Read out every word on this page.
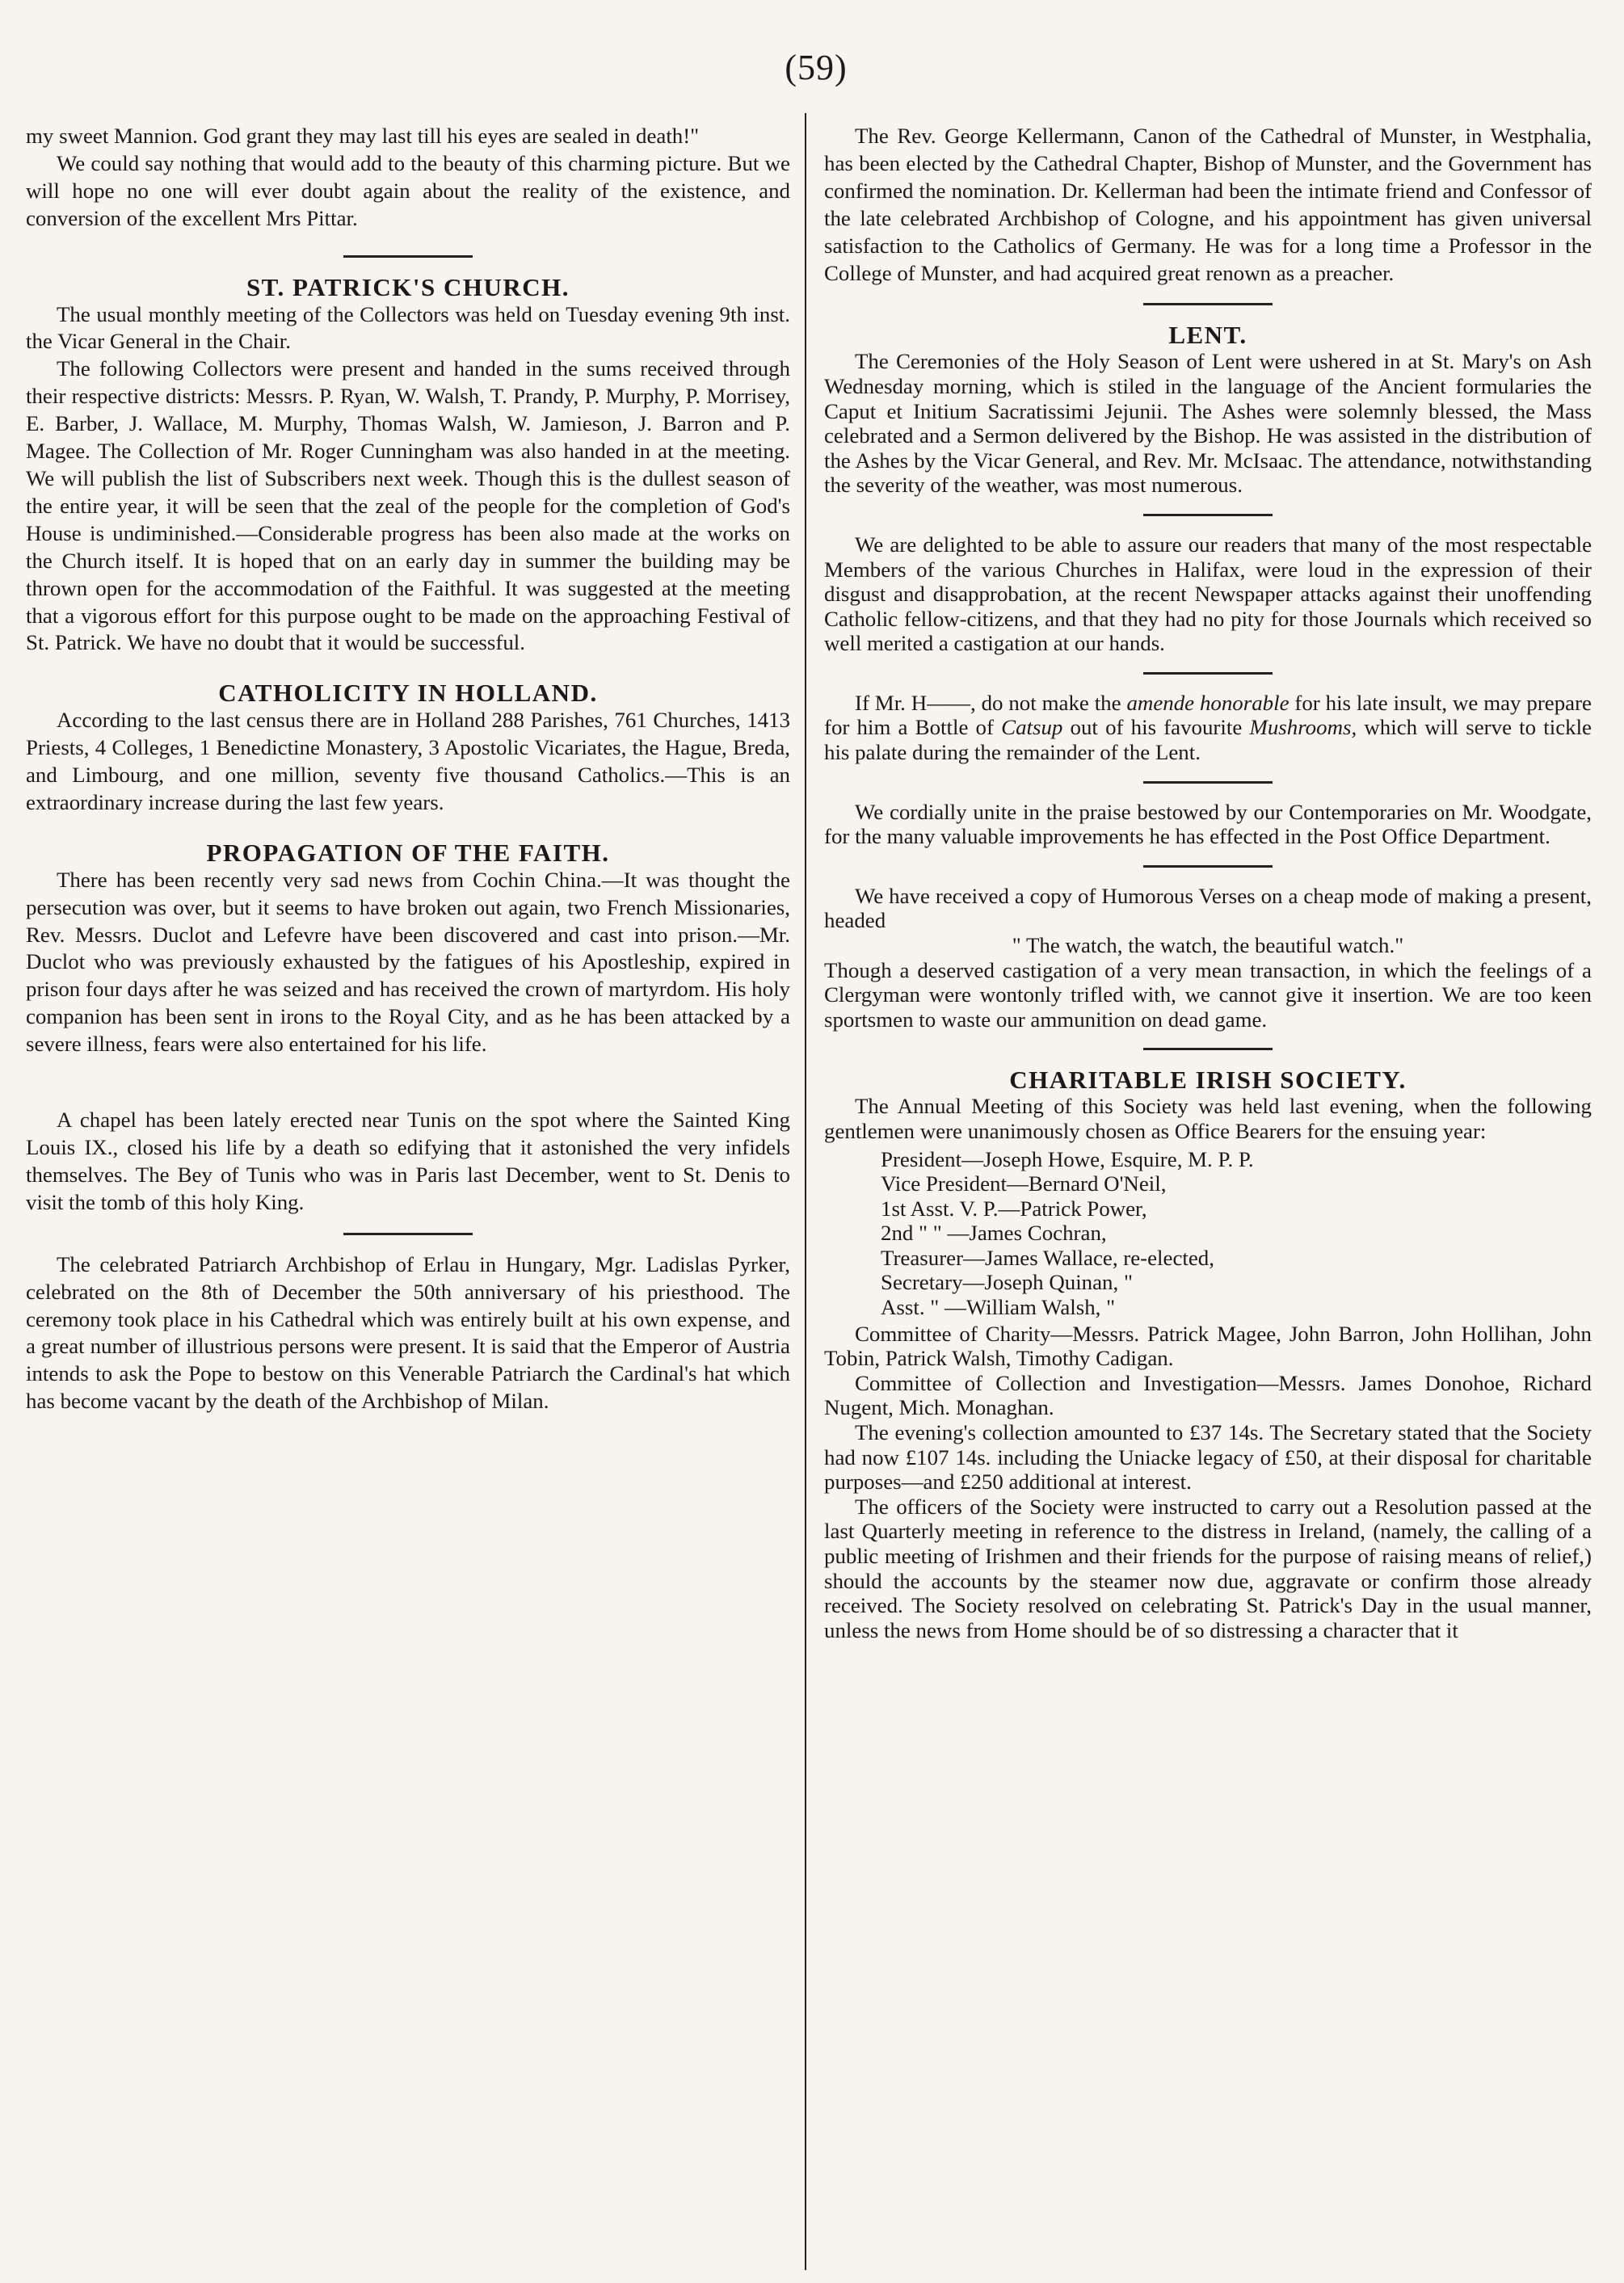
(59)

my sweet Mannion. God grant they may last till his eyes are sealed in death!"

We could say nothing that would add to the beauty of this charming picture. But we will hope no one will ever doubt again about the reality of the existence, and conversion of the excellent Mrs Pittar.

ST. PATRICK'S CHURCH.

The usual monthly meeting of the Collectors was held on Tuesday evening 9th inst. the Vicar General in the Chair.

The following Collectors were present and handed in the sums received through their respective districts: Messrs. P. Ryan, W. Walsh, T. Prandy, P. Murphy, P. Morrisey, E. Barber, J. Wallace, M. Murphy, Thomas Walsh, W. Jamieson, J. Barron and P. Magee. The Collection of Mr. Roger Cunningham was also handed in at the meeting. We will publish the list of Subscribers next week. Though this is the dullest season of the entire year, it will be seen that the zeal of the people for the completion of God's House is undiminished.—Considerable progress has been also made at the works on the Church itself. It is hoped that on an early day in summer the building may be thrown open for the accommodation of the Faithful. It was suggested at the meeting that a vigorous effort for this purpose ought to be made on the approaching Festival of St. Patrick. We have no doubt that it would be successful.

CATHOLICITY IN HOLLAND.

According to the last census there are in Holland 288 Parishes, 761 Churches, 1413 Priests, 4 Colleges, 1 Benedictine Monastery, 3 Apostolic Vicariates, the Hague, Breda, and Limbourg, and one million, seventy five thousand Catholics.—This is an extraordinary increase during the last few years.

PROPAGATION OF THE FAITH.

There has been recently very sad news from Cochin China.—It was thought the persecution was over, but it seems to have broken out again, two French Missionaries, Rev. Messrs. Duclot and Lefevre have been discovered and cast into prison.—Mr. Duclot who was previously exhausted by the fatigues of his Apostleship, expired in prison four days after he was seized and has received the crown of martyrdom. His holy companion has been sent in irons to the Royal City, and as he has been attacked by a severe illness, fears were also entertained for his life.

A chapel has been lately erected near Tunis on the spot where the Sainted King Louis IX., closed his life by a death so edifying that it astonished the very infidels themselves. The Bey of Tunis who was in Paris last December, went to St. Denis to visit the tomb of this holy King.

The celebrated Patriarch Archbishop of Erlau in Hungary, Mgr. Ladislas Pyrker, celebrated on the 8th of December the 50th anniversary of his priesthood. The ceremony took place in his Cathedral which was entirely built at his own expense, and a great number of illustrious persons were present. It is said that the Emperor of Austria intends to ask the Pope to bestow on this Venerable Patriarch the Cardinal's hat which has become vacant by the death of the Archbishop of Milan.

The Rev. George Kellermann, Canon of the Cathedral of Munster, in Westphalia, has been elected by the Cathedral Chapter, Bishop of Munster, and the Government has confirmed the nomination. Dr. Kellerman had been the intimate friend and Confessor of the late celebrated Archbishop of Cologne, and his appointment has given universal satisfaction to the Catholics of Germany. He was for a long time a Professor in the College of Munster, and had acquired great renown as a preacher.

LENT.

The Ceremonies of the Holy Season of Lent were ushered in at St. Mary's on Ash Wednesday morning, which is stiled in the language of the Ancient formularies the Caput et Initium Sacratissimi Jejunii. The Ashes were solemnly blessed, the Mass celebrated and a Sermon delivered by the Bishop. He was assisted in the distribution of the Ashes by the Vicar General, and Rev. Mr. McIsaac. The attendance, notwithstanding the severity of the weather, was most numerous.

We are delighted to be able to assure our readers that many of the most respectable Members of the various Churches in Halifax, were loud in the expression of their disgust and disapprobation, at the recent Newspaper attacks against their unoffending Catholic fellow-citizens, and that they had no pity for those Journals which received so well merited a castigation at our hands.

If Mr. H——, do not make the amende honorable for his late insult, we may prepare for him a Bottle of Catsup out of his favourite Mushrooms, which will serve to tickle his palate during the remainder of the Lent.

We cordially unite in the praise bestowed by our Contemporaries on Mr. Woodgate, for the many valuable improvements he has effected in the Post Office Department.

We have received a copy of Humorous Verses on a cheap mode of making a present, headed

" The watch, the watch, the beautiful watch."

Though a deserved castigation of a very mean transaction, in which the feelings of a Clergyman were wontonly trifled with, we cannot give it insertion. We are too keen sportsmen to waste our ammunition on dead game.

CHARITABLE IRISH SOCIETY.

The Annual Meeting of this Society was held last evening, when the following gentlemen were unanimously chosen as Office Bearers for the ensuing year:

President—Joseph Howe, Esquire, M. P. P.
Vice President—Bernard O'Neil,
1st Asst. V. P.—Patrick Power,
2nd " " —James Cochran,
Treasurer—James Wallace, re-elected,
Secretary—Joseph Quinan, "
Asst. " —William Walsh, "

Committee of Charity—Messrs. Patrick Magee, John Barron, John Hollihan, John Tobin, Patrick Walsh, Timothy Cadigan.

Committee of Collection and Investigation—Messrs. James Donohoe, Richard Nugent, Mich. Monaghan.

The evening's collection amounted to £37 14s. The Secretary stated that the Society had now £107 14s. including the Uniacke legacy of £50, at their disposal for charitable purposes—and £250 additional at interest.

The officers of the Society were instructed to carry out a Resolution passed at the last Quarterly meeting in reference to the distress in Ireland, (namely, the calling of a public meeting of Irishmen and their friends for the purpose of raising means of relief,) should the accounts by the steamer now due, aggravate or confirm those already received. The Society resolved on celebrating St. Patrick's Day in the usual manner, unless the news from Home should be of so distressing a character that it
